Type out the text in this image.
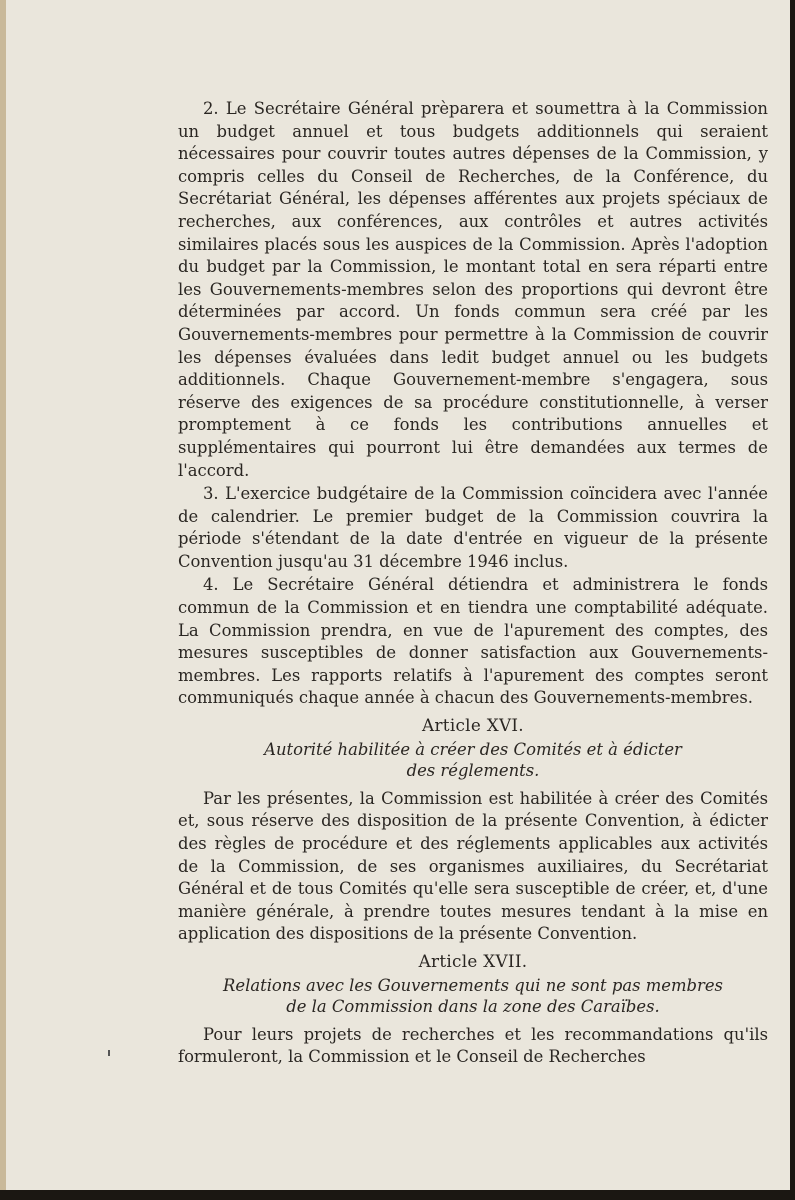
2. Le Secrétaire Général prèparera et soumettra à la Commission un budget annuel et tous budgets additionnels qui seraient nécessaires pour couvrir toutes autres dépenses de la Commission, y compris celles du Conseil de Recherches, de la Conférence, du Secrétariat Général, les dépenses afférentes aux projets spéciaux de recherches, aux conférences, aux contrôles et autres activités similaires placés sous les auspices de la Commission. Après l'adoption du budget par la Commission, le montant total en sera réparti entre les Gouvernements-membres selon des proportions qui devront être déterminées par accord. Un fonds commun sera créé par les Gouvernements-membres pour permettre à la Commission de couvrir les dépenses évaluées dans ledit budget annuel ou les budgets additionnels. Chaque Gouvernement-membre s'engagera, sous réserve des exigences de sa procédure constitutionnelle, à verser promptement à ce fonds les contributions annuelles et supplémentaires qui pourront lui être demandées aux termes de l'accord.

3. L'exercice budgétaire de la Commission coïncidera avec l'année de calendrier. Le premier budget de la Commission couvrira la période s'étendant de la date d'entrée en vigueur de la présente Convention jusqu'au 31 décembre 1946 inclus.

4. Le Secrétaire Général détiendra et administrera le fonds commun de la Commission et en tiendra une comptabilité adéquate. La Commission prendra, en vue de l'apurement des comptes, des mesures susceptibles de donner satisfaction aux Gouvernements-membres. Les rapports relatifs à l'apurement des comptes seront communiqués chaque année à chacun des Gouvernements-membres.

Article XVI.
Autorité habilitée à créer des Comités et à édicter
des réglements.

Par les présentes, la Commission est habilitée à créer des Comités et, sous réserve des disposition de la présente Convention, à édicter des règles de procédure et des réglements applicables aux activités de la Commission, de ses organismes auxiliaires, du Secrétariat Général et de tous Comités qu'elle sera susceptible de créer, et, d'une manière générale, à prendre toutes mesures tendant à la mise en application des dispositions de la présente Convention.

Article XVII.
Relations avec les Gouvernements qui ne sont pas membres
de la Commission dans la zone des Caraïbes.

Pour leurs projets de recherches et les recommandations qu'ils formuleront, la Commission et le Conseil de Recherches
